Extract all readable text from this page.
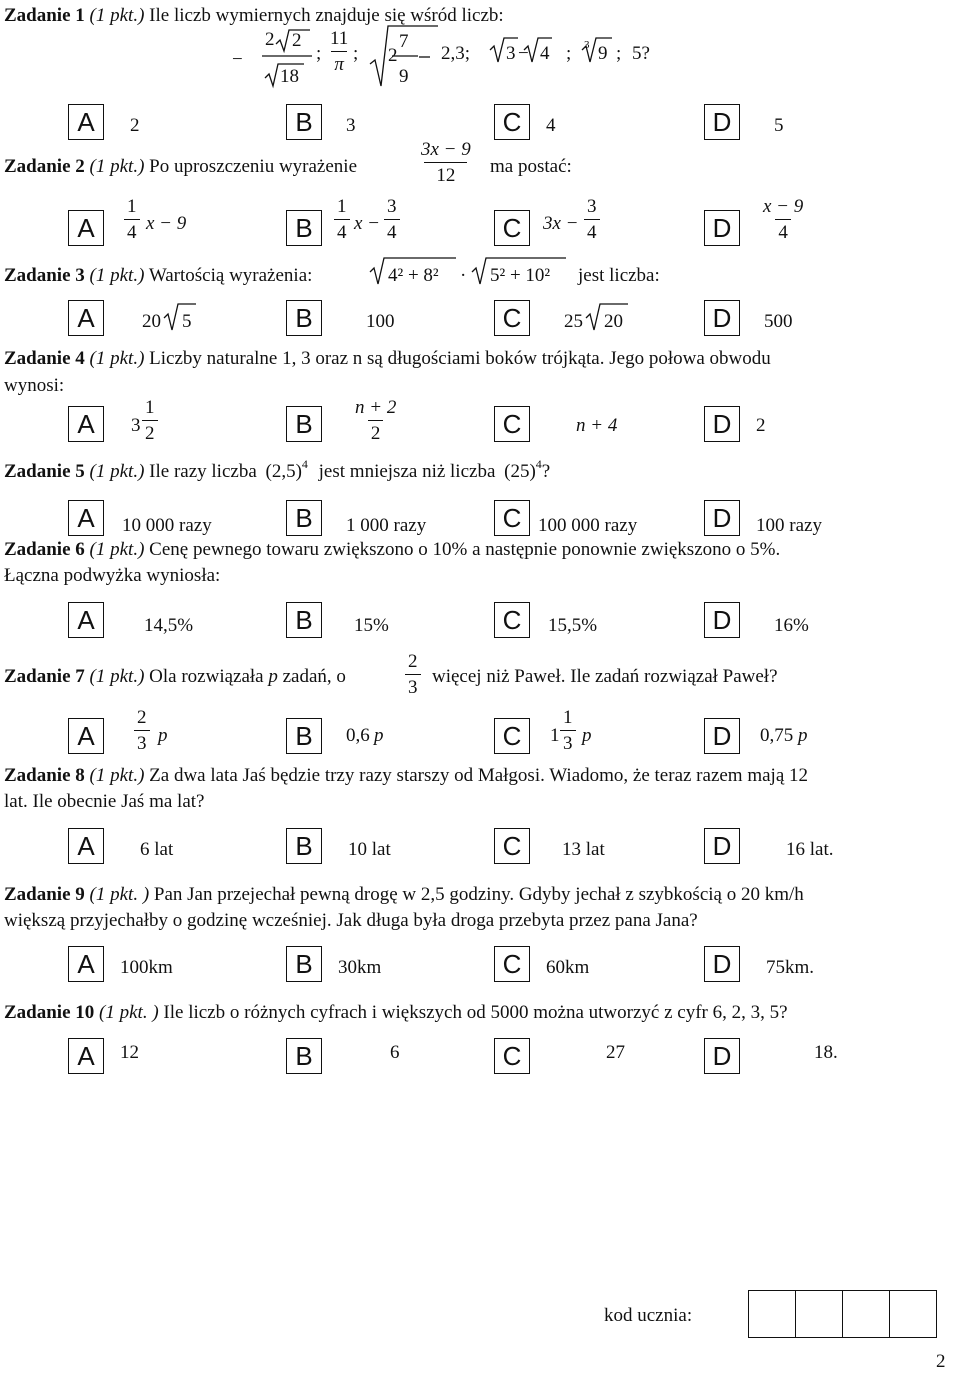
Zadanie 1 (1 pkt.) Ile liczb wymiernych znajduje się wśród liczb:
−
2 2
18
; $\frac{11}{\pi}$ ; 2
7
9
2,3; 3 − 4 ; 3 9 ; 5?
A	2	B	3	C	4	D	5
Zadanie 2 (1 pkt.) Po uproszczeniu wyrażenie	$\frac{3x - 9}{12}$ ma postać:
A	$\frac{1}{4}$ x − 9	B	$\frac{1}{4}$ $x - \frac{3}{4}$	C	$3x - \frac{3}{4}$	D	$\frac{x - 9}{4}$
Zadanie 3 (1 pkt.) Wartością wyrażenia:	4² + 8² · 5² + 10² jest liczba:
A	20 5	B	100	C	25 20	D	500
Zadanie 4 (1 pkt.) Liczby naturalne 1, 3 oraz n są długościami boków trójkąta. Jego połowa obwodu
wynosi:
A	$3 \frac{1}{2}$	B	$\frac{n + 2}{2}$	C	n + 4	D	2
Zadanie 5 (1 pkt.) Ile razy liczba $(2,5)^4$ jest mniejsza niż liczba $(25)^4$?
A	10 000 razy	B	1 000 razy	C 100 000 razy	D	100 razy
Zadanie 6 (1 pkt.) Cenę pewnego towaru zwiększono o 10% a następnie ponownie zwiększono o 5%.
Łączna podwyżka wyniosła:
A	14,5%	B	15%	C	15,5%	D	16%
Zadanie 7 (1 pkt.) Ola rozwiązała p zadań, o	$\frac{2}{3}$ więcej niż Paweł. Ile zadań rozwiązał Paweł?
A	$\frac{2}{3}$ p	B	0,6 p	C	$1 \frac{1}{3}$ p	D	0,75 p
Zadanie 8 (1 pkt.) Za dwa lata Jaś będzie trzy razy starszy od Małgosi. Wiadomo, że teraz razem mają 12
lat. Ile obecnie Jaś ma lat?
A	6 lat	B	10 lat	C	13 lat	D	16 lat.
Zadanie 9 (1 pkt. ) Pan Jan przejechał pewną drogę w 2,5 godziny. Gdyby jechał z szybkością o 20 km/h
większą przyjechałby o godzinę wcześniej. Jak długa była droga przebyta przez pana Jana?
A	100km	B	30km	C	60km	D	75km.
Zadanie 10 (1 pkt. ) Ile liczb o różnych cyfrach i większych od 5000 można utworzyć z cyfr 6, 2, 3, 5?
A	12	B	6	C	27	D	18.
kod ucznia:
2
